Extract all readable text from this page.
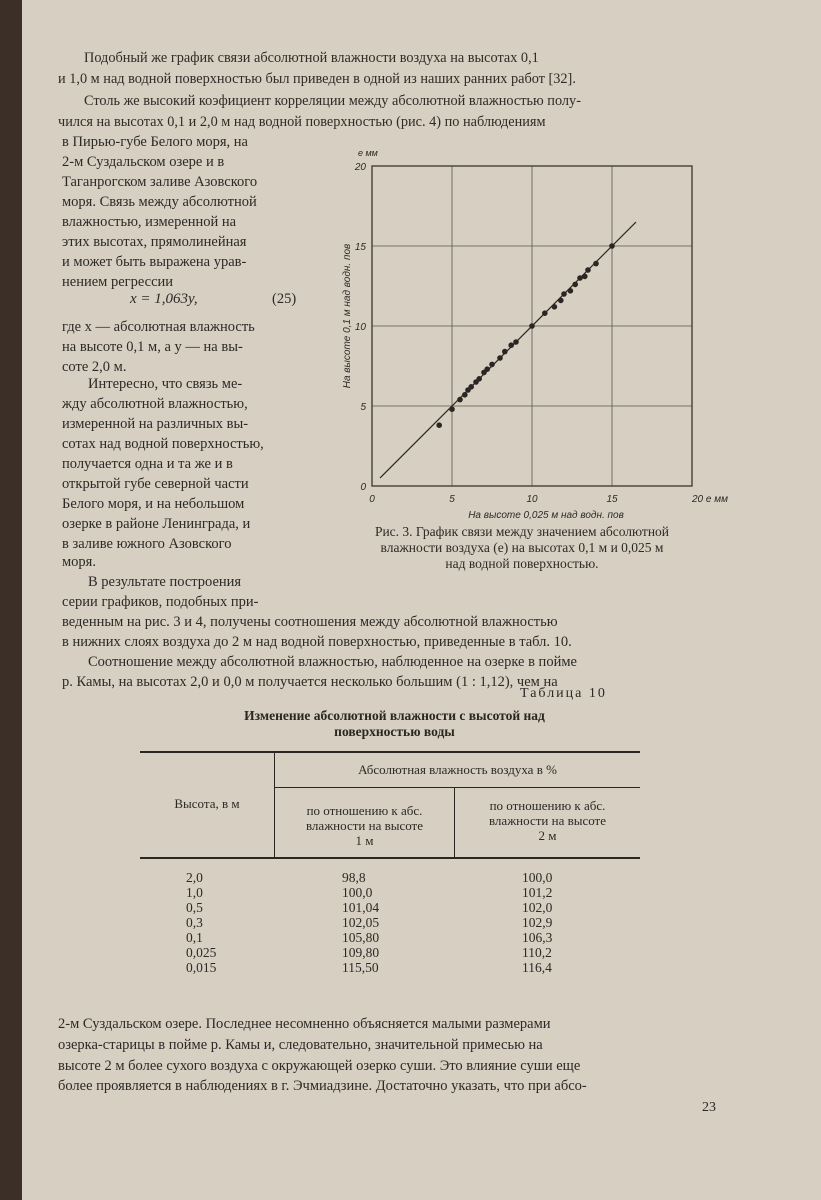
Подобный же график связи абсолютной влажности воздуха на высотах 0,1
и 1,0 м над водной поверхностью был приведен в одной из наших ранних работ [32].
Столь же высокий коэфициент корреляции между абсолютной влажностью полу-
чился на высотах 0,1 и 2,0 м над водной поверхностью (рис. 4) по наблюдениям
в Пирью-губе Белого моря, на
2-м Суздальском озере и в
Таганрогском заливе Азовского
моря. Связь между абсолютной
влажностью, измеренной на
этих высотах, прямолинейная
и может быть выражена урав-
нением регрессии
x = 1,063y,	(25)
где x — абсолютная влажность
на высоте 0,1 м, а y — на вы-
соте 2,0 м.
Интересно, что связь ме-
жду абсолютной влажностью,
измеренной на различных вы-
сотах над водной поверхностью,
получается одна и та же и в
открытой губе северной части
Белого моря, и на небольшом
озерке в районе Ленинграда, и
в заливе южного Азовского
моря.
В результате построения
серии графиков, подобных при-
0	5	10	15	20 e мм
0
5
10
15
20
e мм
На высоте 0,025 м над водн. пов
На высоте 0,1 м над водн. пов
Рис. 3. График связи между значением абсолютной
влажности воздуха (e) на высотах 0,1 м и 0,025 м
над водной поверхностью.
веденным на рис. 3 и 4, получены соотношения между абсолютной влажностью
в нижних слоях воздуха до 2 м над водной поверхностью, приведенные в табл. 10.
Соотношение между абсолютной влажностью, наблюденное на озерке в пойме
р. Камы, на высотах 2,0 и 0,0 м получается несколько большим (1 : 1,12), чем на
Таблица 10
Изменение абсолютной влажности с высотой над
поверхностью воды
Высота, в м
Абсолютная влажность воздуха в %
по отношению к абс.
влажности на высоте
1 м
по отношению к абс.
влажности на высоте
2 м
2,0	98,8	100,0
1,0	100,0	101,2
0,5	101,04	102,0
0,3	102,05	102,9
0,1	105,80	106,3
0,025	109,80	110,2
0,015	115,50	116,4
2-м Суздальском озере. Последнее несомненно объясняется малыми размерами
озерка-старицы в пойме р. Камы и, следовательно, значительной примесью на
высоте 2 м более сухого воздуха с окружающей озерко суши. Это влияние суши еще
более проявляется в наблюдениях в г. Эчмиадзине. Достаточно указать, что при абсо-
23
